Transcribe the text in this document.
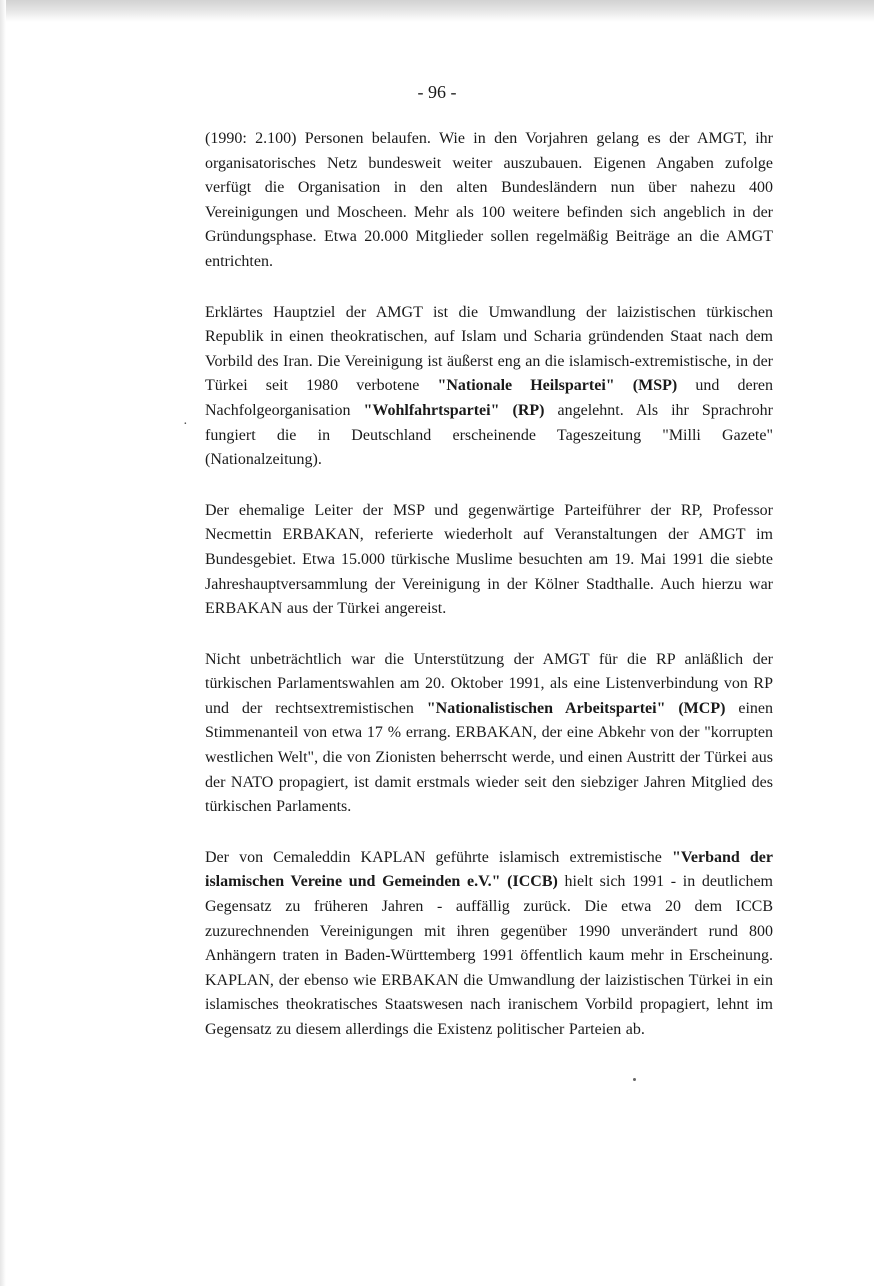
- 96 -

(1990: 2.100) Personen belaufen. Wie in den Vorjahren gelang es der AMGT, ihr organisatorisches Netz bundesweit weiter auszubauen. Eigenen Angaben zufolge verfügt die Organisation in den alten Bundesländern nun über nahezu 400 Vereinigungen und Moscheen. Mehr als 100 weitere befinden sich angeblich in der Gründungsphase. Etwa 20.000 Mitglieder sollen regelmäßig Beiträge an die AMGT entrichten.

Erklärtes Hauptziel der AMGT ist die Umwandlung der laizistischen türkischen Republik in einen theokratischen, auf Islam und Scharia gründenden Staat nach dem Vorbild des Iran. Die Vereinigung ist äußerst eng an die islamisch-extremistische, in der Türkei seit 1980 verbotene "Nationale Heilspartei" (MSP) und deren Nachfolgeorganisation "Wohlfahrtspartei" (RP) angelehnt. Als ihr Sprachrohr fungiert die in Deutschland erscheinende Tageszeitung "Milli Gazete" (Nationalzeitung).

Der ehemalige Leiter der MSP und gegenwärtige Parteiführer der RP, Professor Necmettin ERBAKAN, referierte wiederholt auf Veranstaltungen der AMGT im Bundesgebiet. Etwa 15.000 türkische Muslime besuchten am 19. Mai 1991 die siebte Jahreshauptversammlung der Vereinigung in der Kölner Stadthalle. Auch hierzu war ERBAKAN aus der Türkei angereist.

Nicht unbeträchtlich war die Unterstützung der AMGT für die RP anläßlich der türkischen Parlamentswahlen am 20. Oktober 1991, als eine Listenverbindung von RP und der rechtsextremistischen "Nationalistischen Arbeitspartei" (MCP) einen Stimmenanteil von etwa 17 % errang. ERBAKAN, der eine Abkehr von der "korrupten westlichen Welt", die von Zionisten beherrscht werde, und einen Austritt der Türkei aus der NATO propagiert, ist damit erstmals wieder seit den siebziger Jahren Mitglied des türkischen Parlaments.

Der von Cemaleddin KAPLAN geführte islamisch extremistische "Verband der islamischen Vereine und Gemeinden e.V." (ICCB) hielt sich 1991 - in deutlichem Gegensatz zu früheren Jahren - auffällig zurück. Die etwa 20 dem ICCB zuzurechnenden Vereinigungen mit ihren gegenüber 1990 unverändert rund 800 Anhängern traten in Baden-Württemberg 1991 öffentlich kaum mehr in Erscheinung. KAPLAN, der ebenso wie ERBAKAN die Umwandlung der laizistischen Türkei in ein islamisches theokratisches Staatswesen nach iranischem Vorbild propagiert, lehnt im Gegensatz zu diesem allerdings die Existenz politischer Parteien ab.

·
